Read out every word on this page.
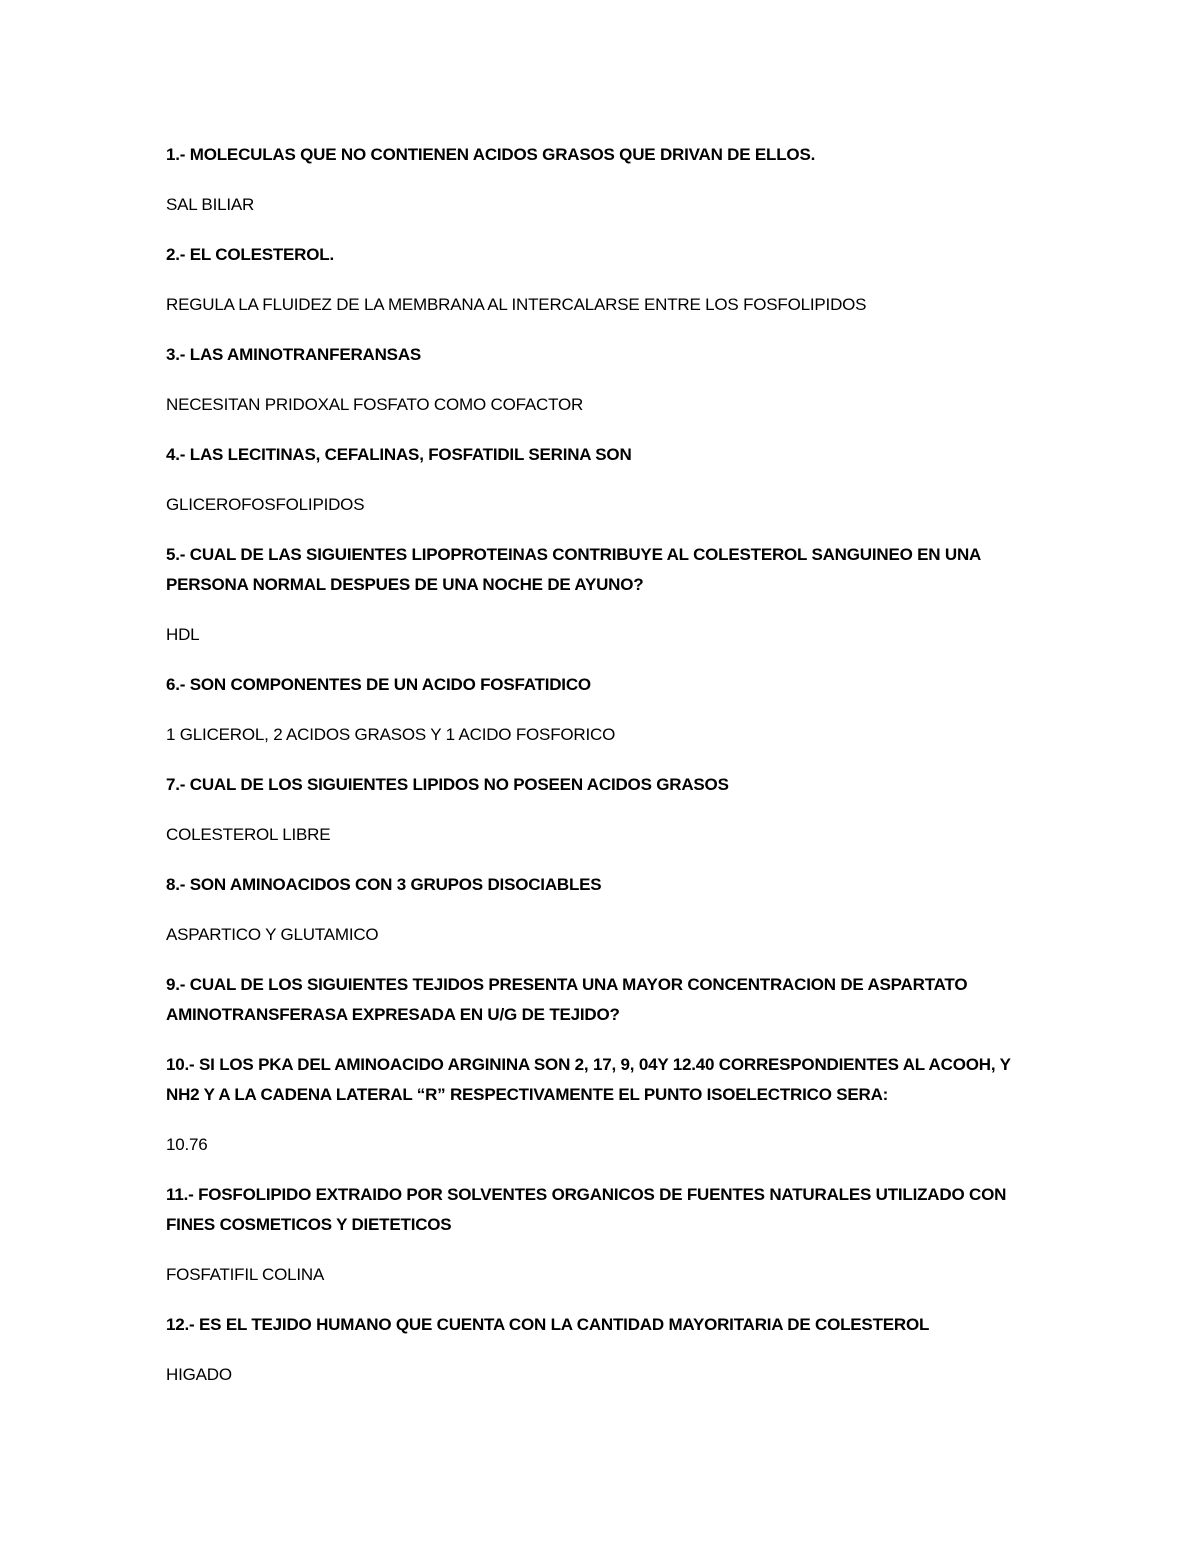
1.- MOLECULAS QUE NO CONTIENEN ACIDOS GRASOS QUE DRIVAN DE ELLOS.

SAL BILIAR

2.- EL COLESTEROL.

REGULA LA FLUIDEZ DE LA MEMBRANA AL INTERCALARSE ENTRE LOS FOSFOLIPIDOS

3.- LAS AMINOTRANFERANSAS

NECESITAN PRIDOXAL FOSFATO COMO COFACTOR

4.- LAS LECITINAS, CEFALINAS, FOSFATIDIL SERINA SON

GLICEROFOSFOLIPIDOS

5.- CUAL DE LAS SIGUIENTES LIPOPROTEINAS CONTRIBUYE AL COLESTEROL SANGUINEO EN UNA PERSONA NORMAL DESPUES DE UNA NOCHE DE AYUNO?

HDL

6.- SON COMPONENTES DE UN ACIDO FOSFATIDICO

1 GLICEROL, 2 ACIDOS GRASOS Y 1 ACIDO FOSFORICO

7.- CUAL DE LOS SIGUIENTES LIPIDOS NO POSEEN ACIDOS GRASOS

COLESTEROL LIBRE

8.- SON AMINOACIDOS CON 3 GRUPOS DISOCIABLES

ASPARTICO Y GLUTAMICO

9.- CUAL DE LOS SIGUIENTES TEJIDOS PRESENTA UNA MAYOR CONCENTRACION DE ASPARTATO AMINOTRANSFERASA EXPRESADA EN U/G DE TEJIDO?

10.- SI LOS PKA DEL AMINOACIDO ARGININA SON 2, 17, 9, 04Y 12.40 CORRESPONDIENTES AL ACOOH, Y NH2 Y A LA CADENA LATERAL “R” RESPECTIVAMENTE EL PUNTO ISOELECTRICO SERA:

10.76

11.- FOSFOLIPIDO EXTRAIDO POR SOLVENTES ORGANICOS DE FUENTES NATURALES UTILIZADO CON FINES COSMETICOS Y DIETETICOS

FOSFATIFIL COLINA

12.- ES EL TEJIDO HUMANO QUE CUENTA CON LA CANTIDAD MAYORITARIA DE COLESTEROL

HIGADO
